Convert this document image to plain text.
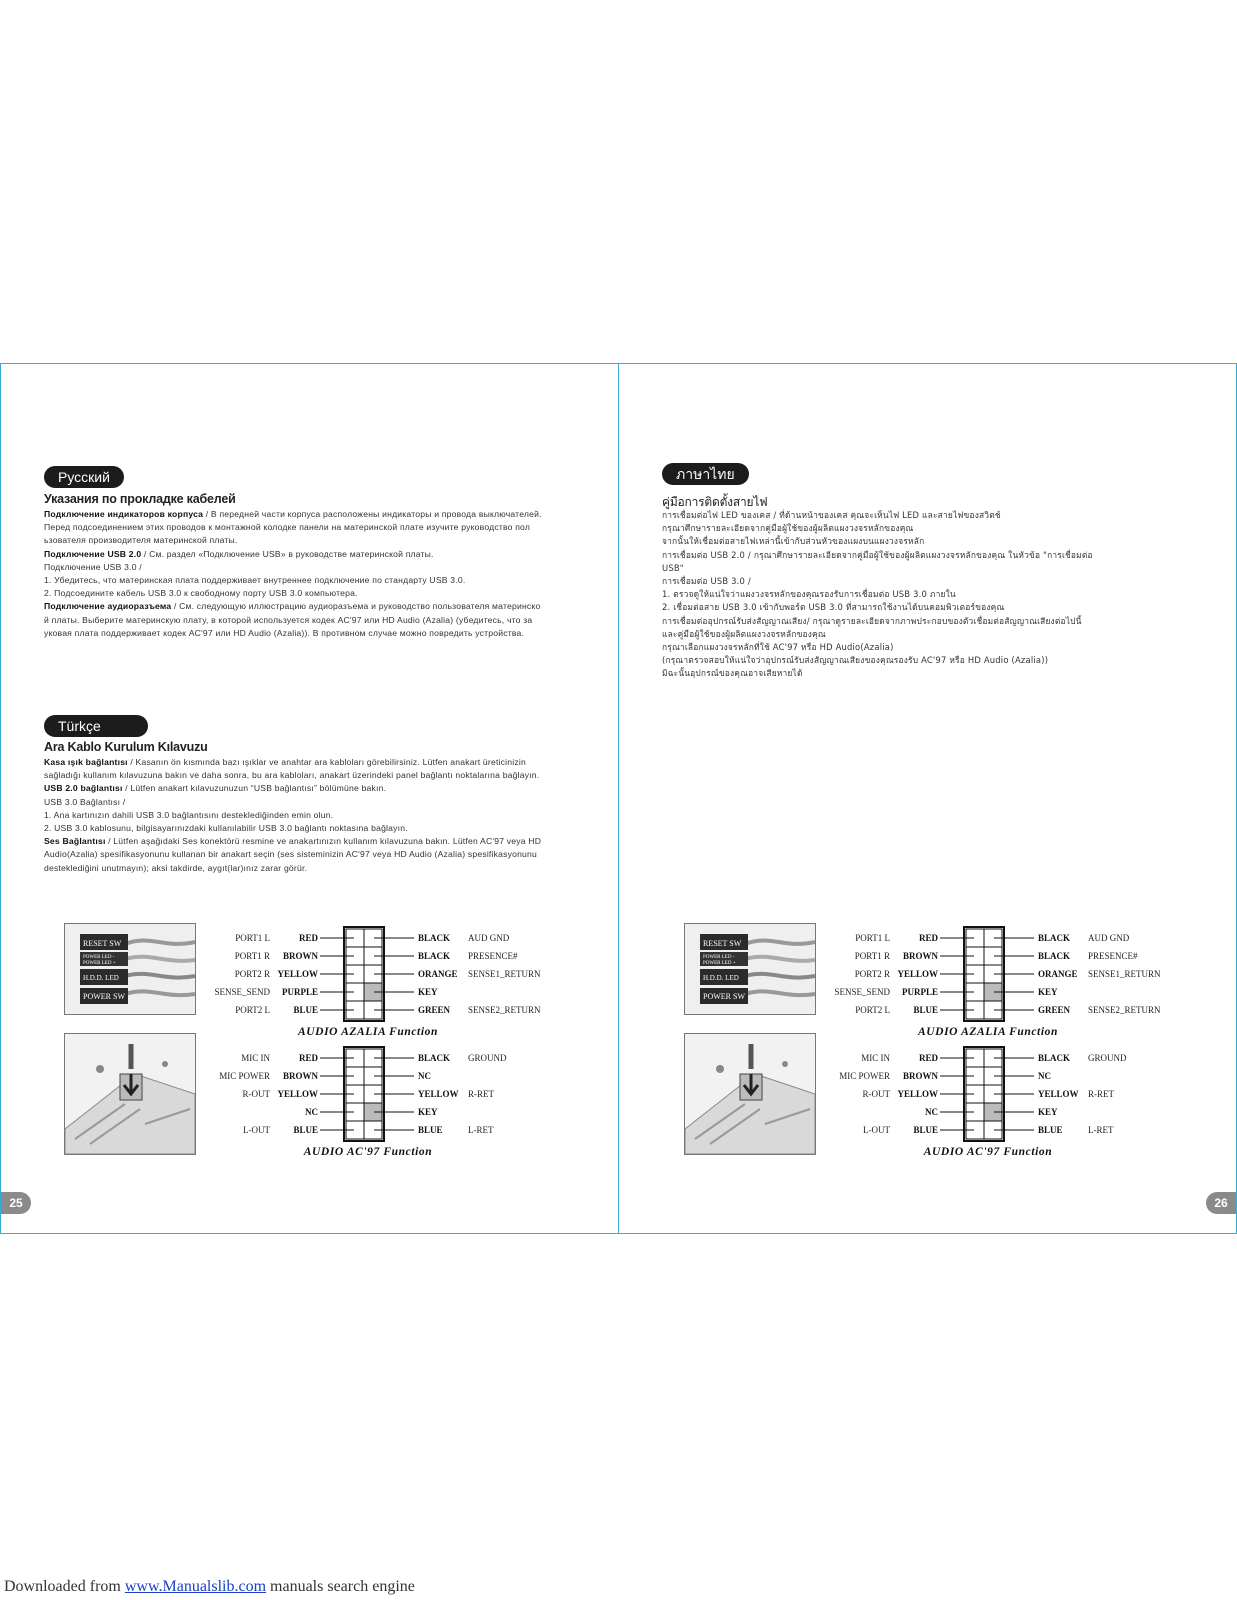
Русский
Указания по прокладке кабелей

Подключение индикаторов корпуса / В передней части корпуса расположены индикаторы и провода выключателей.

Перед подсоединением этих проводов к монтажной колодке панели на материнской плате изучите руководство пол

ьзователя производителя материнской платы.

Подключение USB 2.0 / См. раздел «Подключение USB» в руководстве материнской платы.

Подключение USB 3.0 /

1. Убедитесь, что материнская плата поддерживает внутреннее подключение по стандарту USB 3.0.

2. Подсоедините кабель USB 3.0 к свободному порту USB 3.0 компьютера.

Подключение аудиоразъема / См. следующую иллюстрацию аудиоразъема и руководство пользователя материнско

й платы. Выберите материнскую плату, в которой используется кодек AC'97 или HD Audio (Azalia) (убедитесь, что за

уковая плата поддерживает кодек AC'97 или HD Audio (Azalia)). В противном случае можно повредить устройства.

Türkçe
Ara Kablo Kurulum Kılavuzu

Kasa ışık bağlantısı / Kasanın ön kısmında bazı ışıklar ve anahtar ara kabloları görebilirsiniz. Lütfen anakart üreticinizin

sağladığı kullanım kılavuzuna bakın ve daha sonra, bu ara kabloları, anakart üzerindeki panel bağlantı noktalarına bağlayın.

USB 2.0 bağlantısı / Lütfen anakart kılavuzunuzun “USB bağlantısı” bölümüne bakın.

USB 3.0 Bağlantısı /

1. Ana kartınızın dahili USB 3.0 bağlantısını desteklediğinden emin olun.

2. USB 3.0 kablosunu, bilgisayarınızdaki kullanılabilir USB 3.0 bağlantı noktasına bağlayın.

Ses Bağlantısı / Lütfen aşağıdaki Ses konektörü resmine ve anakartınızın kullanım kılavuzuna bakın. Lütfen AC'97 veya HD

Audio(Azalia) spesifikasyonunu kullanan bir anakart seçin (ses sisteminizin AC'97 veya HD Audio (Azalia) spesifikasyonunu

desteklediğini unutmayın); aksi takdirde, aygıt(lar)ınız zarar görür.

ภาษาไทย
คู่มือการติดตั้งสายไฟ

การเชื่อมต่อไฟ LED ของเคส / ที่ด้านหน้าของเคส คุณจะเห็นไฟ LED และสายไฟของสวิตช์

กรุณาศึกษารายละเอียดจากคู่มือผู้ใช้ของผู้ผลิตแผงวงจรหลักของคุณ

จากนั้นให้เชื่อมต่อสายไฟเหล่านี้เข้ากับส่วนหัวของแผงบนแผงวงจรหลัก

การเชื่อมต่อ USB 2.0 / กรุณาศึกษารายละเอียดจากคู่มือผู้ใช้ของผู้ผลิตแผงวงจรหลักของคุณ ในหัวข้อ "การเชื่อมต่อ

USB"

การเชื่อมต่อ USB 3.0 /

1. ตรวจดูให้แน่ใจว่าแผงวงจรหลักของคุณรองรับการเชื่อมต่อ USB 3.0 ภายใน

2. เชื่อมต่อสาย USB 3.0 เข้ากับพอร์ต USB 3.0 ที่สามารถใช้งานได้บนคอมพิวเตอร์ของคุณ

การเชื่อมต่ออุปกรณ์รับส่งสัญญาณเสียง/ กรุณาดูรายละเอียดจากภาพประกอบของตัวเชื่อมต่อสัญญาณเสียงต่อไปนี้

และคู่มือผู้ใช้ของผู้ผลิตแผงวงจรหลักของคุณ

กรุณาเลือกแผงวงจรหลักที่ใช้ AC'97 หรือ HD Audio(Azalia)

(กรุณาตรวจสอบให้แน่ใจว่าอุปกรณ์รับส่งสัญญาณเสียงของคุณรองรับ AC'97 หรือ HD Audio (Azalia))

มิฉะนั้นอุปกรณ์ของคุณอาจเสียหายได้

RESET SW
POWER LED -
POWER LED +
H.D.D. LED
POWER SW
PORT1 L	RED	BLACK AUD GND
PORT1 R BROWN	BLACK PRESENCE#
PORT2 R YELLOW	ORANGE SENSE1_RETURN
SENSE_SEND PURPLE	KEY
PORT2 L	BLUE	GREEN SENSE2_RETURN
AUDIO AZALIA Function
MIC IN	RED	BLACK GROUND
MIC POWER BROWN	NC
R-OUT YELLOW	YELLOW R-RET
NC	KEY
L-OUT	BLUE	BLUE	L-RET
AUDIO AC'97 Function
RESET SW
POWER LED -
POWER LED +
H.D.D. LED
POWER SW
PORT1 L	RED	BLACK AUD GND
PORT1 R BROWN	BLACK PRESENCE#
PORT2 R YELLOW	ORANGE SENSE1_RETURN
SENSE_SEND PURPLE	KEY
PORT2 L	BLUE	GREEN SENSE2_RETURN
AUDIO AZALIA Function
MIC IN	RED	BLACK GROUND
MIC POWER BROWN	NC
R-OUT YELLOW	YELLOW R-RET
NC	KEY
L-OUT	BLUE	BLUE	L-RET
AUDIO AC'97 Function
25	26
Downloaded from www.Manualslib.com manuals search engine
